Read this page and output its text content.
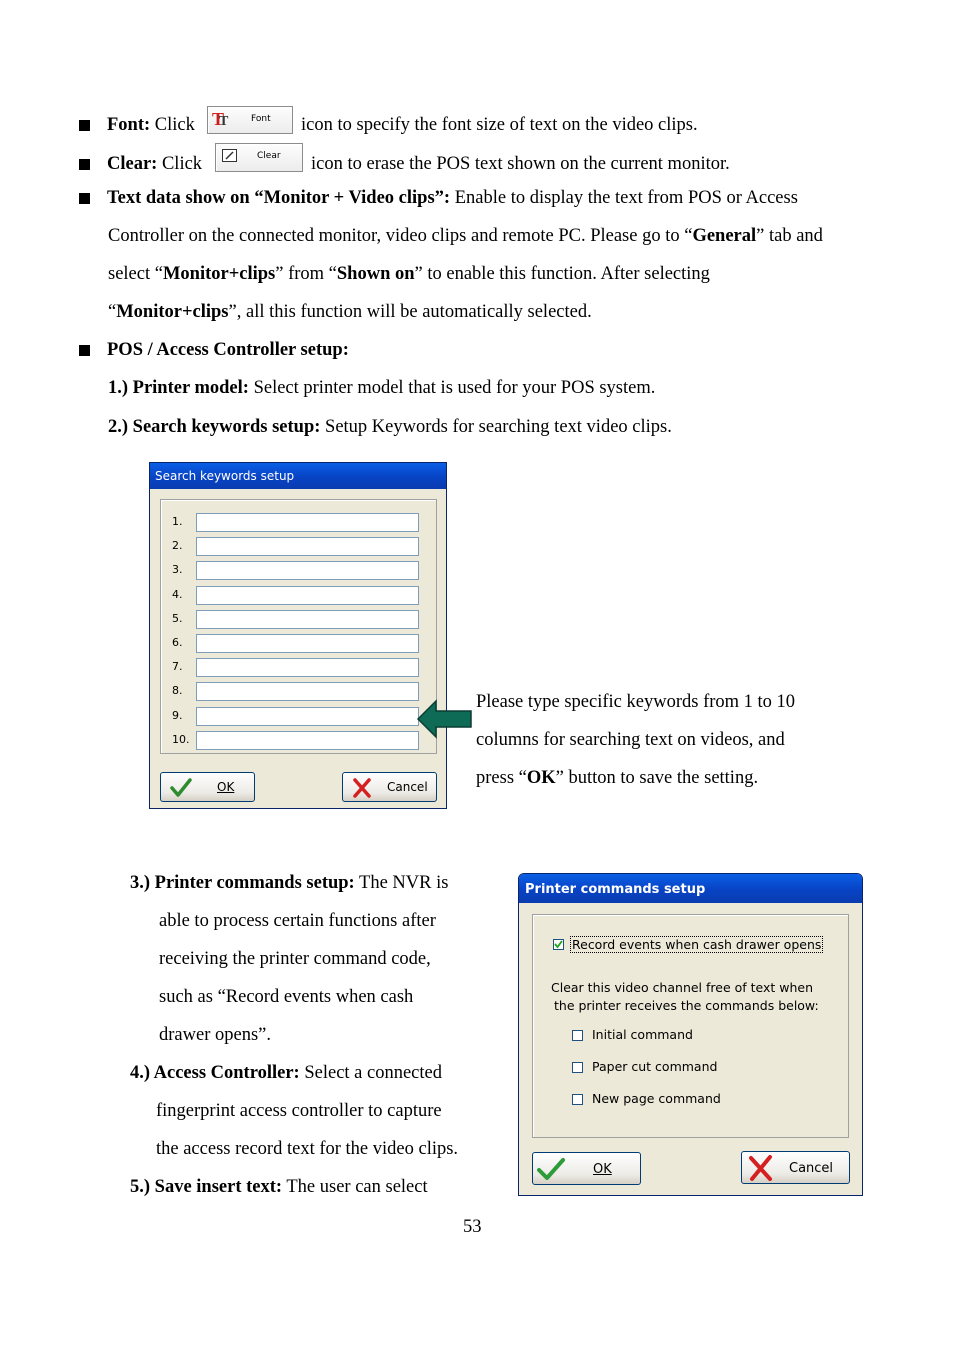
Font: Click TT	Font icon to specify the font size of text on the video clips.
Clear: Click	Clear icon to erase the POS text shown on the current monitor.
Text data show on “Monitor + Video clips”: Enable to display the text from POS or Access
Controller on the connected monitor, video clips and remote PC. Please go to “General” tab and
select “Monitor+clips” from “Shown on” to enable this function. After selecting
“Monitor+clips”, all this function will be automatically selected.
POS / Access Controller setup:
1.) Printer model: Select printer model that is used for your POS system.
2.) Search keywords setup: Setup Keywords for searching text video clips.
Search keywords setup
1.
2.
3.
4.
5.
6.
7.
8.
9.
10.
OK	Cancel
Please type specific keywords from 1 to 10
columns for searching text on videos, and
press “OK” button to save the setting.
3.) Printer commands setup: The NVR is
able to process certain functions after
receiving the printer command code,
such as “Record events when cash
drawer opens”.
4.) Access Controller: Select a connected
fingerprint access controller to capture
the access record text for the video clips.
5.) Save insert text: The user can select
Printer commands setup
Record events when cash drawer opens
Clear this video channel free of text when
the printer receives the commands below:
Initial command
Paper cut command
New page command
OK	Cancel
53
